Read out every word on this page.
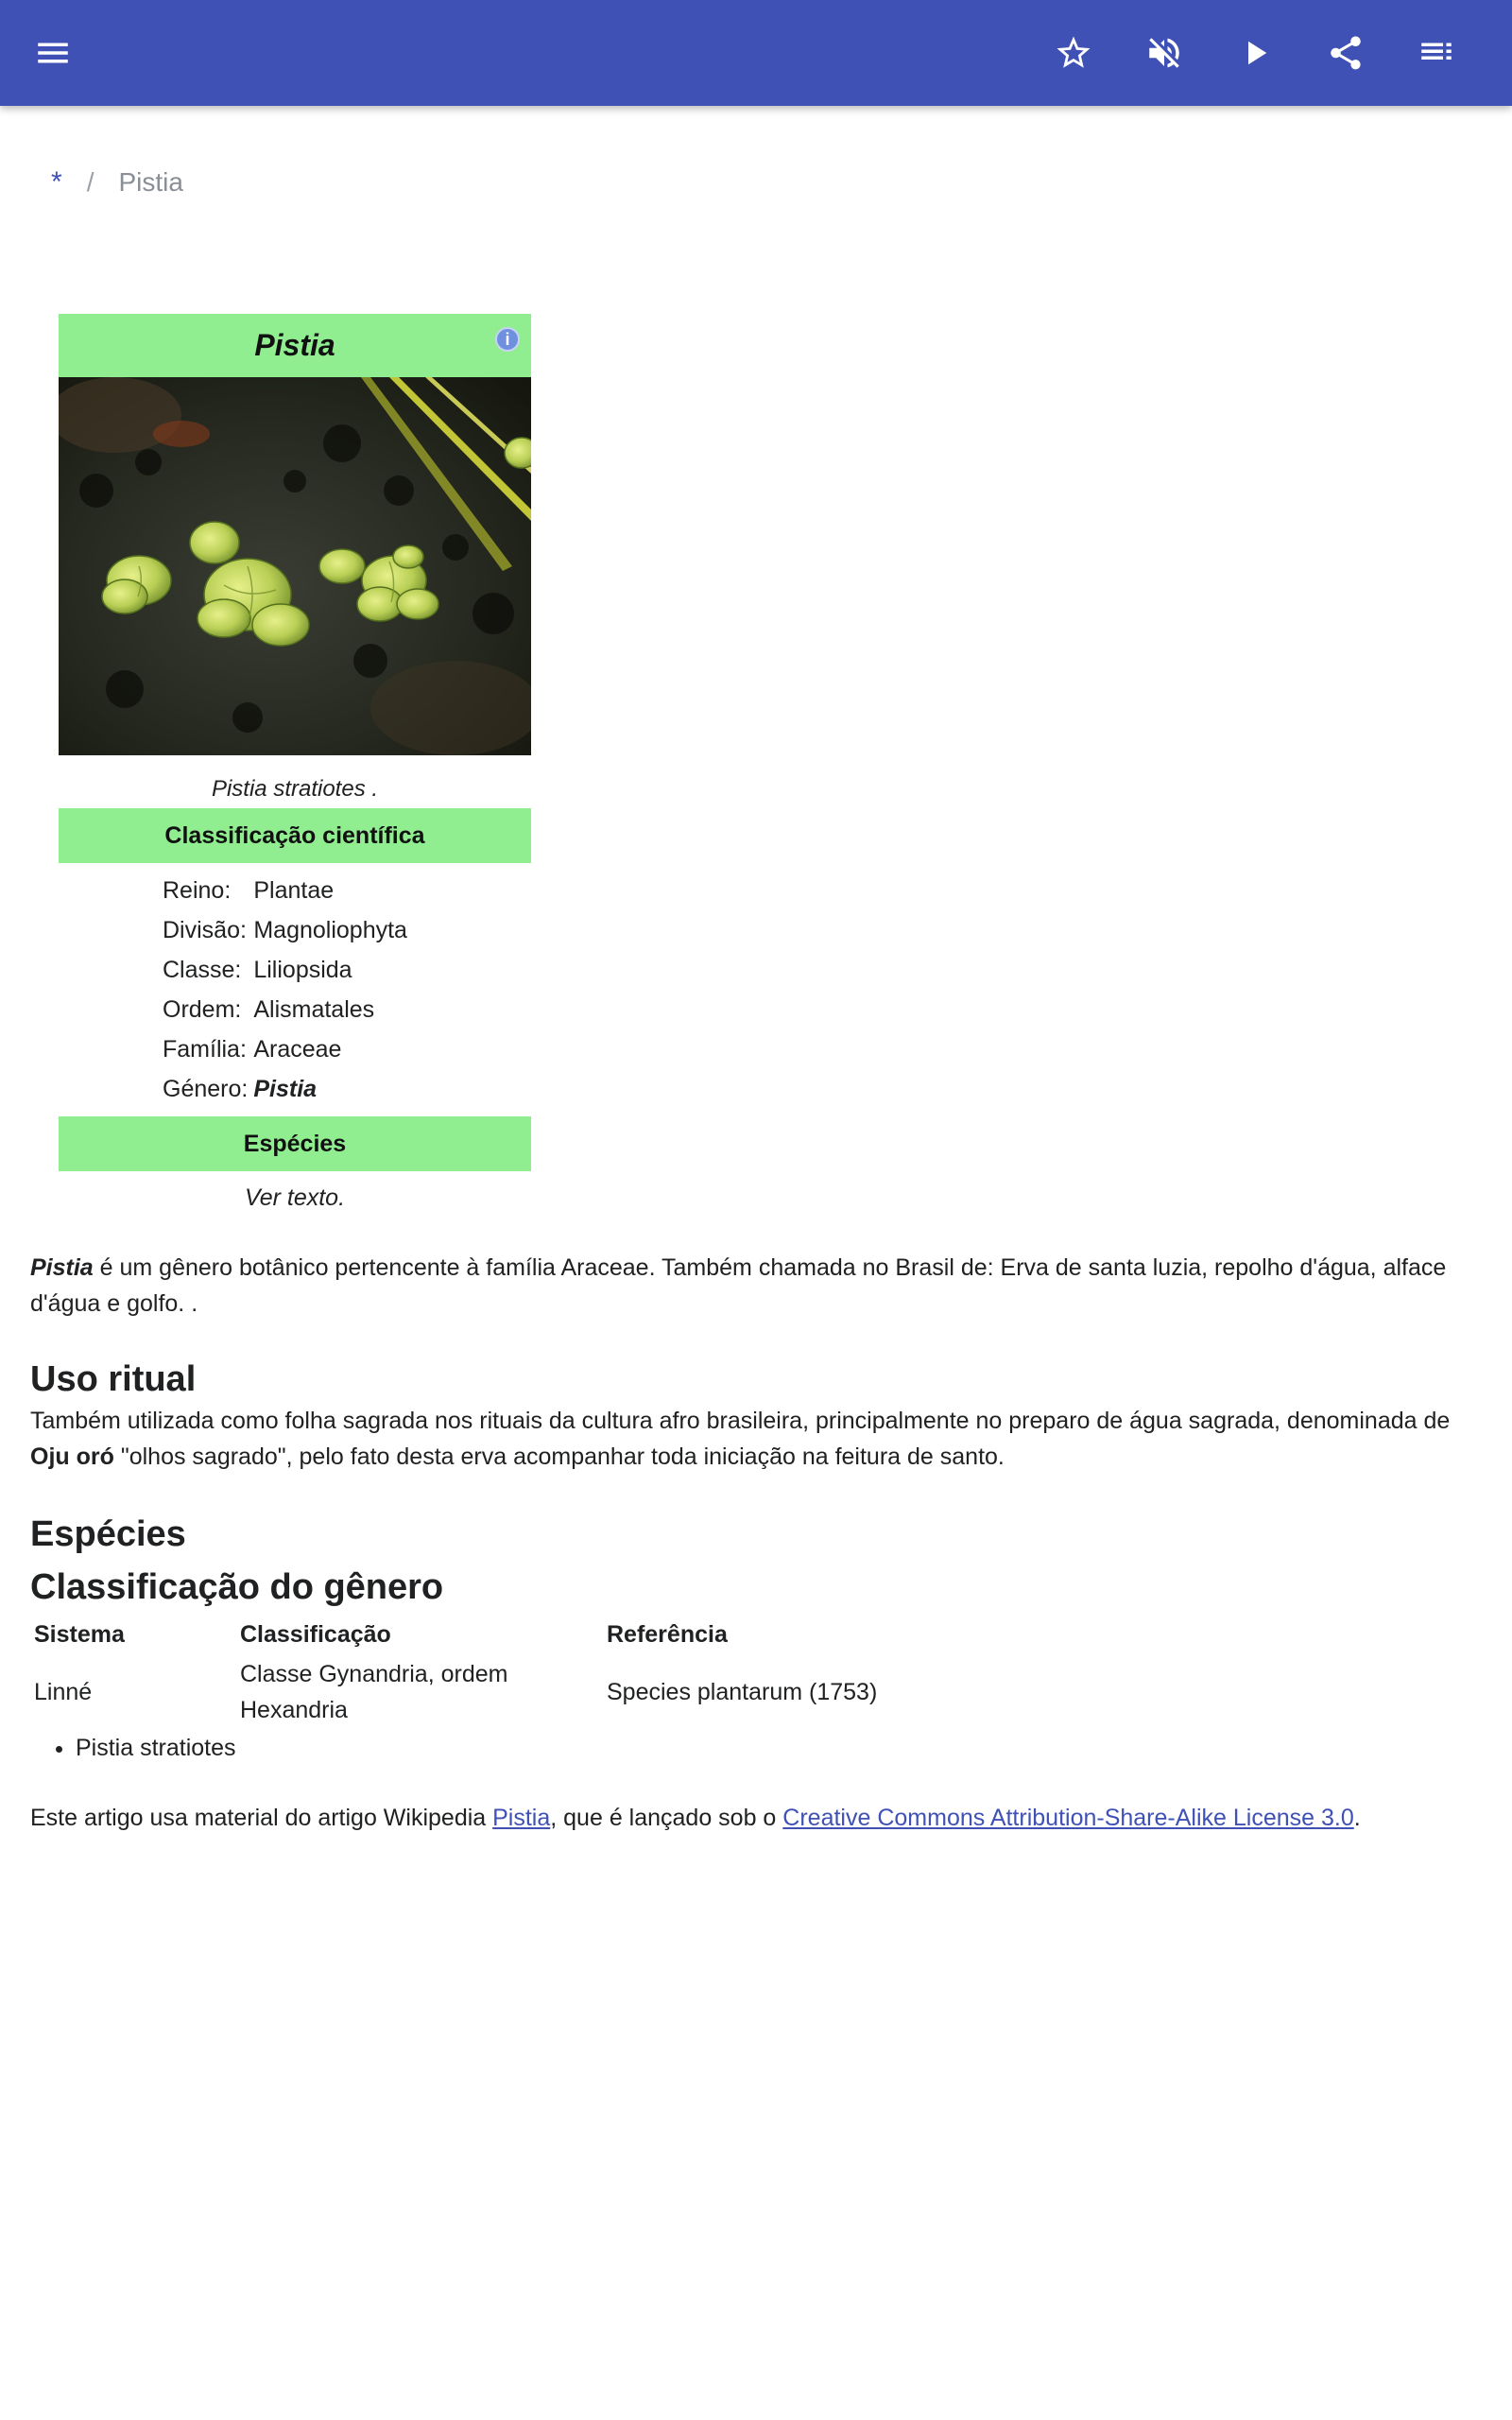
* / Pistia
Pistia	i
Pistia stratiotes .
Classificação científica
Reino:	Plantae
Divisão:	Magnoliophyta
Classe:	Liliopsida
Ordem:	Alismatales
Família:	Araceae
Género:	Pistia
Espécies
Ver texto.

Pistia é um gênero botânico pertencente à família Araceae. Também chamada no Brasil de: Erva de santa luzia, repolho d'água, alface d'água e golfo. .

Uso ritual

Também utilizada como folha sagrada nos rituais da cultura afro brasileira, principalmente no preparo de água sagrada, denominada de Oju oró "olhos sagrado", pelo fato desta erva acompanhar toda iniciação na feitura de santo.

Espécies
Classificação do gênero
Sistema	Classificação	Referência
Linné	Classe Gynandria, ordem Hexandria	Species plantarum (1753)
• Pistia stratiotes

Este artigo usa material do artigo Wikipedia Pistia, que é lançado sob o Creative Commons Attribution-Share-Alike License 3.0.
